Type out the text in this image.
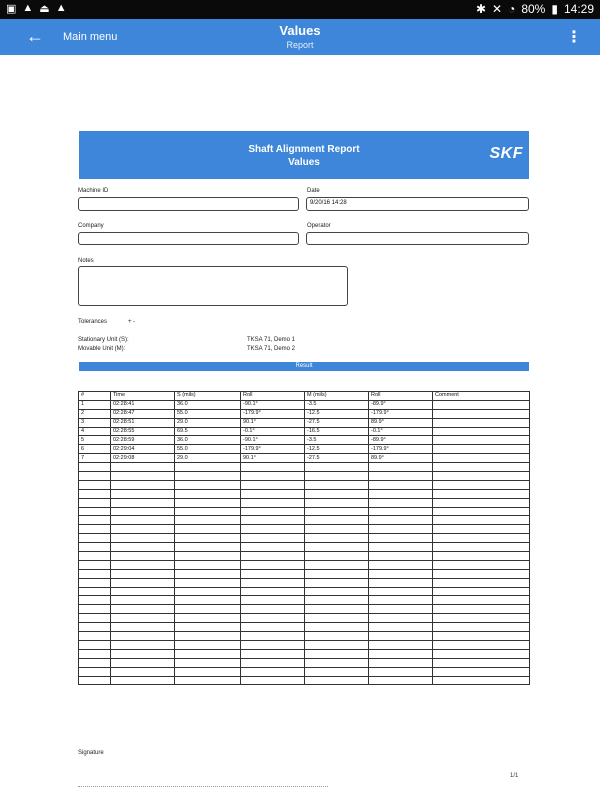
▣ ▲ ⏏ ▲	✱ ✕ ◔ 80% ▮ 14:29
← Main menu	Values
Report	⋮
Shaft Alignment Report
Values
SKF
Machine ID	Date
9/20/16 14:28
Company	Operator
Notes
Tolerances	+ -
Stationary Unit (S):	TKSA 71, Demo 1
Movable Unit (M):	TKSA 71, Demo 2
Result
#	Time	S (mils)	Roll	M (mils)	Roll	Comment
1	02:28:41	36.0	-90.1°	-3.5	-89.9°	
2	02:28:47	55.0	-179.9°	-12.5	-179.9°	
3	02:28:51	29.0	90.1°	-27.5	89.9°	
4	02:28:55	69.5	-0.1°	-16.5	-0.1°	
5	02:28:59	36.0	-90.1°	-3.5	-89.9°	
6	02:29:04	55.0	-179.9°	-12.5	-179.9°	
7	02:29:08	29.0	90.1°	-27.5	89.9°	

Signature
1/1
